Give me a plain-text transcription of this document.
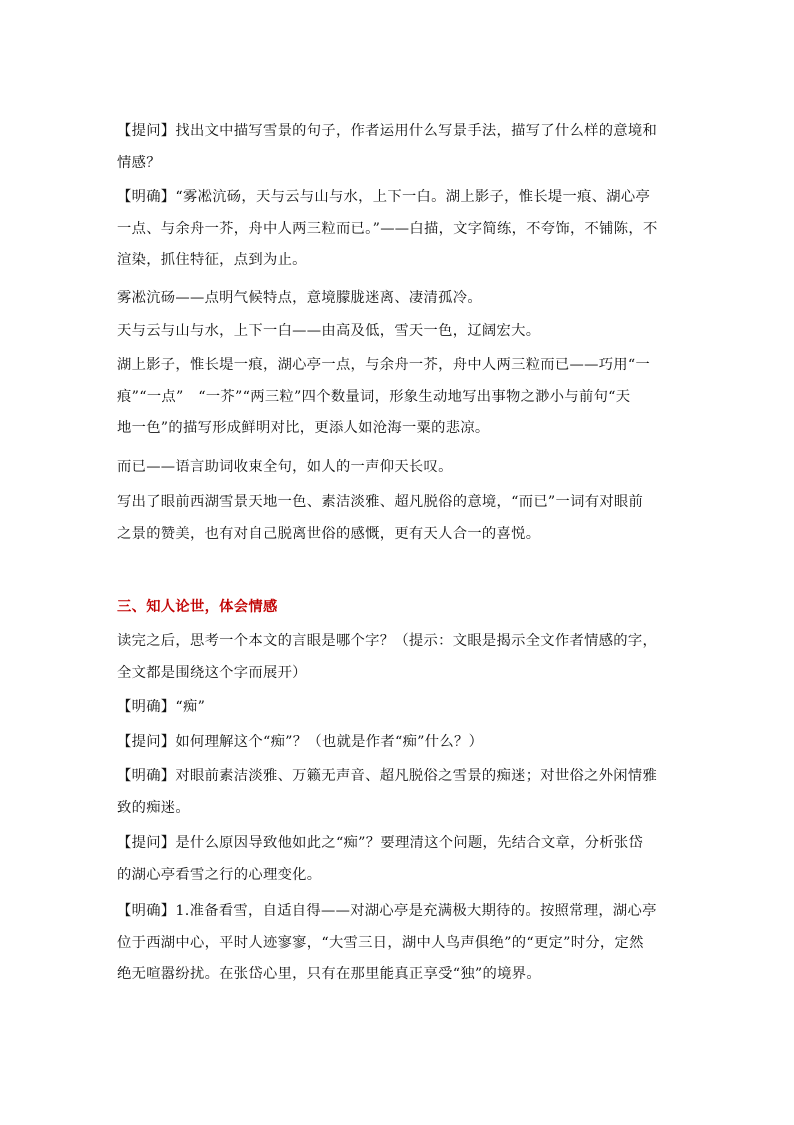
【提问】找出文中描写雪景的句子，作者运用什么写景手法，描写了什么样的意境和
情感？
【明确】“雾凇沆砀，天与云与山与水，上下一白。湖上影子，惟长堤一痕、湖心亭
一点、与余舟一芥，舟中人两三粒而已。”——白描，文字简练，不夸饰，不铺陈，不
渲染，抓住特征，点到为止。
雾凇沆砀——点明气候特点，意境朦胧迷离、凄清孤冷。
天与云与山与水，上下一白——由高及低，雪天一色，辽阔宏大。
湖上影子，惟长堤一痕，湖心亭一点，与余舟一芥，舟中人两三粒而已——巧用“一
痕”“一点”　“一芥”“两三粒”四个数量词，形象生动地写出事物之渺小与前句“天
地一色”的描写形成鲜明对比，更添人如沧海一粟的悲凉。
而已——语言助词收束全句，如人的一声仰天长叹。
写出了眼前西湖雪景天地一色、素洁淡雅、超凡脱俗的意境，“而已”一词有对眼前
之景的赞美，也有对自己脱离世俗的感慨，更有天人合一的喜悦。
三、知人论世，体会情感
读完之后，思考一个本文的言眼是哪个字？（提示：文眼是揭示全文作者情感的字，
全文都是围绕这个字而展开）
【明确】“痴”
【提问】如何理解这个“痴”？（也就是作者“痴”什么？）
【明确】对眼前素洁淡雅、万籁无声音、超凡脱俗之雪景的痴迷；对世俗之外闲情雅
致的痴迷。
【提问】是什么原因导致他如此之“痴”？要理清这个问题，先结合文章，分析张岱
的湖心亭看雪之行的心理变化。
【明确】1.准备看雪，自适自得——对湖心亭是充满极大期待的。按照常理，湖心亭
位于西湖中心，平时人迹寥寥，“大雪三日，湖中人鸟声俱绝”的“更定”时分，定然
绝无喧嚣纷扰。在张岱心里，只有在那里能真正享受“独”的境界。
